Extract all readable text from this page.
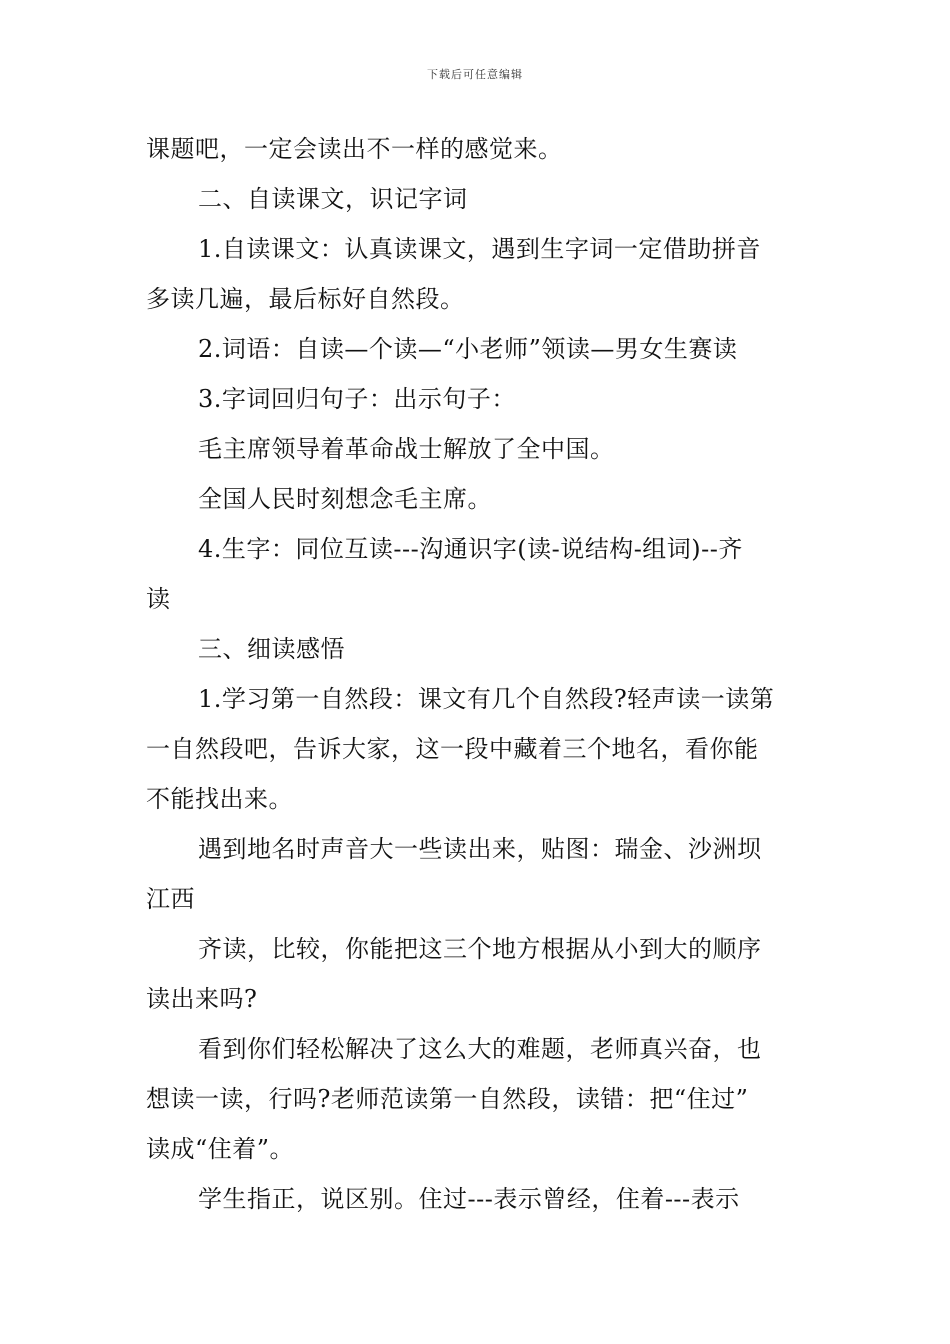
下载后可任意编辑
课题吧，一定会读出不一样的感觉来。
二、自读课文，识记字词
1.自读课文：认真读课文，遇到生字词一定借助拼音
多读几遍，最后标好自然段。
2.词语：自读—个读—“小老师”领读—男女生赛读
3.字词回归句子：出示句子：
毛主席领导着革命战士解放了全中国。
全国人民时刻想念毛主席。
4.生字：同位互读---沟通识字(读-说结构-组词)--齐
读
三、细读感悟
1.学习第一自然段：课文有几个自然段?轻声读一读第
一自然段吧，告诉大家，这一段中藏着三个地名，看你能
不能找出来。
遇到地名时声音大一些读出来，贴图：瑞金、沙洲坝
江西
齐读，比较，你能把这三个地方根据从小到大的顺序
读出来吗?
看到你们轻松解决了这么大的难题，老师真兴奋，也
想读一读，行吗?老师范读第一自然段，读错：把“住过”
读成“住着”。
学生指正，说区别。住过---表示曾经，住着---表示
